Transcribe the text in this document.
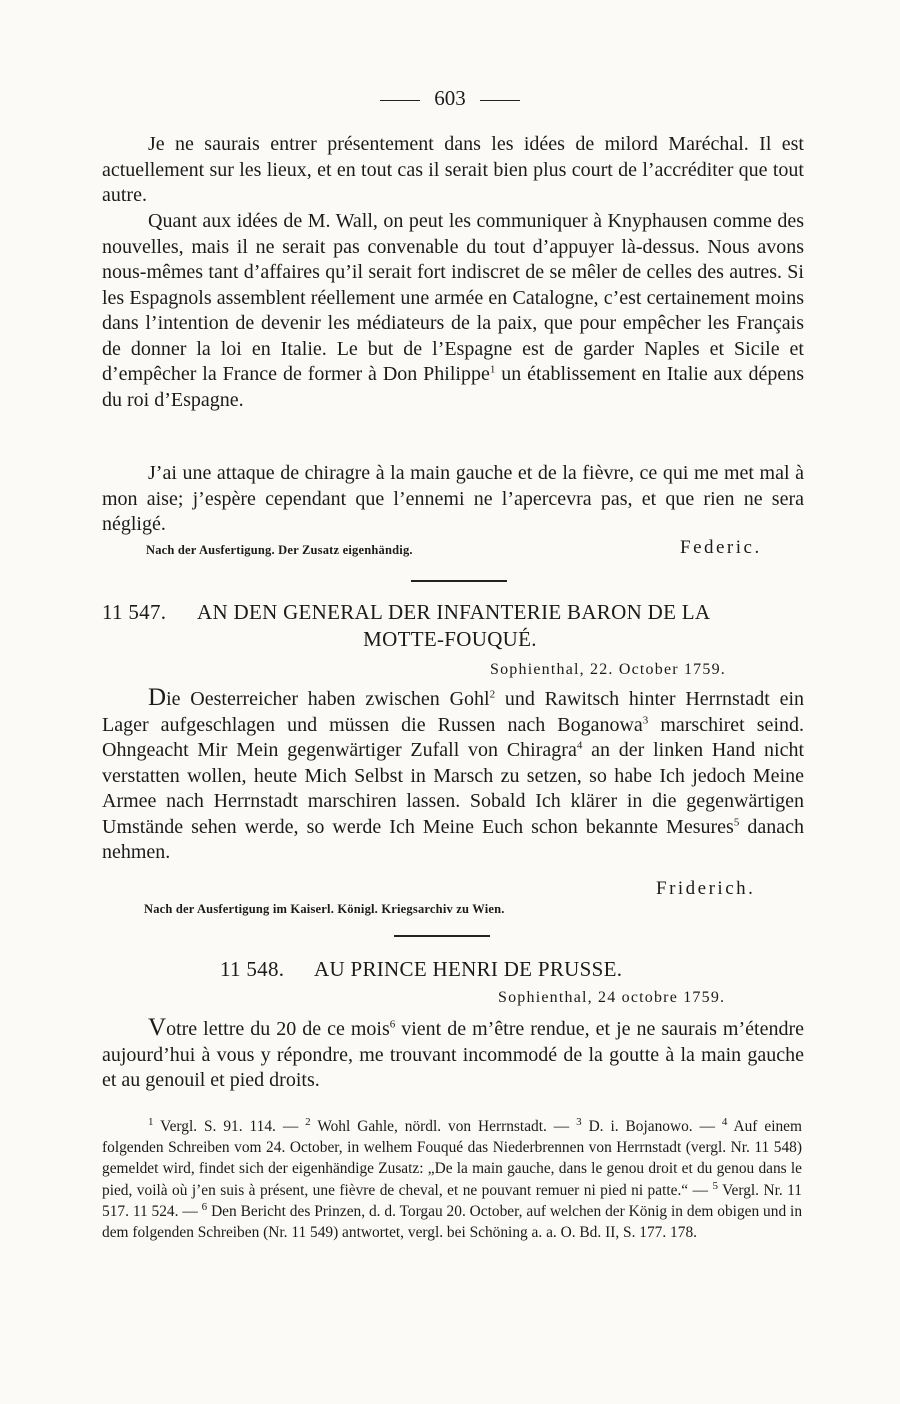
603

Je ne saurais entrer présentement dans les idées de milord Maréchal. Il est actuellement sur les lieux, et en tout cas il serait bien plus court de l’accréditer que tout autre.

Quant aux idées de M. Wall, on peut les communiquer à Knyphausen comme des nouvelles, mais il ne serait pas convenable du tout d’appuyer là-dessus. Nous avons nous-mêmes tant d’affaires qu’il serait fort indiscret de se mêler de celles des autres. Si les Espagnols assemblent réellement une armée en Catalogne, c’est certainement moins dans l’intention de devenir les médiateurs de la paix, que pour empêcher les Français de donner la loi en Italie. Le but de l’Espagne est de garder Naples et Sicile et d’empêcher la France de former à Don Philippe$^1$ un établissement en Italie aux dépens du roi d’Espagne.

J’ai une attaque de chiragre à la main gauche et de la fièvre, ce qui me met mal à mon aise; j’espère cependant que l’ennemi ne l’apercevra pas, et que rien ne sera négligé.

Nach der Ausfertigung. Der Zusatz eigenhändig.	Federic.
11 547. AN DEN GENERAL DER INFANTERIE BARON DE LA
MOTTE-FOUQUÉ.
Sophienthal, 22. October 1759.

Die Oesterreicher haben zwischen Gohl$^2$ und Rawitsch hinter Herrnstadt ein Lager aufgeschlagen und müssen die Russen nach Boganowa$^3$ marschiret seind. Ohngeacht Mir Mein gegenwärtiger Zufall von Chiragra$^4$ an der linken Hand nicht verstatten wollen, heute Mich Selbst in Marsch zu setzen, so habe Ich jedoch Meine Armee nach Herrnstadt marschiren lassen. Sobald Ich klärer in die gegenwärtigen Umstände sehen werde, so werde Ich Meine Euch schon bekannte Mesures$^5$ danach nehmen.

Friderich.
Nach der Ausfertigung im Kaiserl. Königl. Kriegsarchiv zu Wien.
11 548. AU PRINCE HENRI DE PRUSSE.
Sophienthal, 24 octobre 1759.

Votre lettre du 20 de ce mois$^6$ vient de m’être rendue, et je ne saurais m’étendre aujourd’hui à vous y répondre, me trouvant incommodé de la goutte à la main gauche et au genouil et pied droits.

$^1$ Vergl. S. 91. 114. — $^2$ Wohl Gahle, nördl. von Herrnstadt. — $^3$ D. i. Bojanowo. — $^4$ Auf einem folgenden Schreiben vom 24. October, in welhem Fouqué das Niederbrennen von Herrnstadt (vergl. Nr. 11 548) gemeldet wird, findet sich der eigenhändige Zusatz: „De la main gauche, dans le genou droit et du genou dans le pied, voilà où j’en suis à présent, une fièvre de cheval, et ne pouvant remuer ni pied ni patte.“ — $^5$ Vergl. Nr. 11 517. 11 524. — $^6$ Den Bericht des Prinzen, d. d. Torgau 20. October, auf welchen der König in dem obigen und in dem folgenden Schreiben (Nr. 11 549) antwortet, vergl. bei Schöning a. a. O. Bd. II, S. 177. 178.
